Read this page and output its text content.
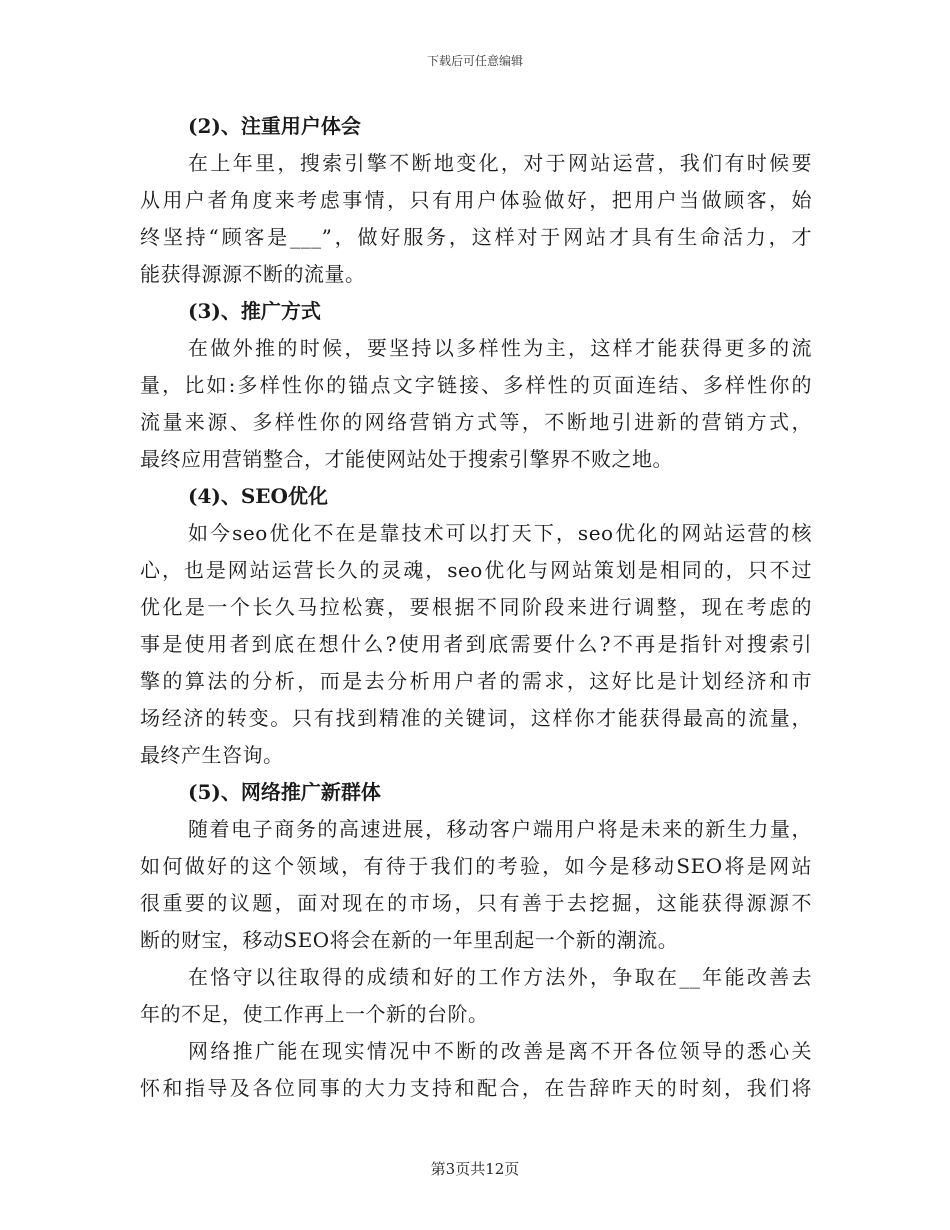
下载后可任意编辑
(2)、注重用户体会

在上年里，搜索引擎不断地变化，对于网站运营，我们有时候要
从用户者角度来考虑事情，只有用户体验做好，把用户当做顾客，始
终坚持“顾客是___”，做好服务，这样对于网站才具有生命活力，才
能获得源源不断的流量。

(3)、推广方式

在做外推的时候，要坚持以多样性为主，这样才能获得更多的流
量，比如:多样性你的锚点文字链接、多样性的页面连结、多样性你的
流量来源、多样性你的网络营销方式等，不断地引进新的营销方式，
最终应用营销整合，才能使网站处于搜索引擎界不败之地。

(4)、SEO优化

如今seo优化不在是靠技术可以打天下，seo优化的网站运营的核
心，也是网站运营长久的灵魂，seo优化与网站策划是相同的，只不过
优化是一个长久马拉松赛，要根据不同阶段来进行调整，现在考虑的
事是使用者到底在想什么?使用者到底需要什么?不再是指针对搜索引
擎的算法的分析，而是去分析用户者的需求，这好比是计划经济和市
场经济的转变。只有找到精准的关键词，这样你才能获得最高的流量，
最终产生咨询。

(5)、网络推广新群体

随着电子商务的高速进展，移动客户端用户将是未来的新生力量，
如何做好的这个领域，有待于我们的考验，如今是移动SEO将是网站
很重要的议题，面对现在的市场，只有善于去挖掘，这能获得源源不
断的财宝，移动SEO将会在新的一年里刮起一个新的潮流。

在恪守以往取得的成绩和好的工作方法外，争取在__年能改善去
年的不足，使工作再上一个新的台阶。

网络推广能在现实情况中不断的改善是离不开各位领导的悉心关
怀和指导及各位同事的大力支持和配合，在告辞昨天的时刻，我们将

第3页共12页
